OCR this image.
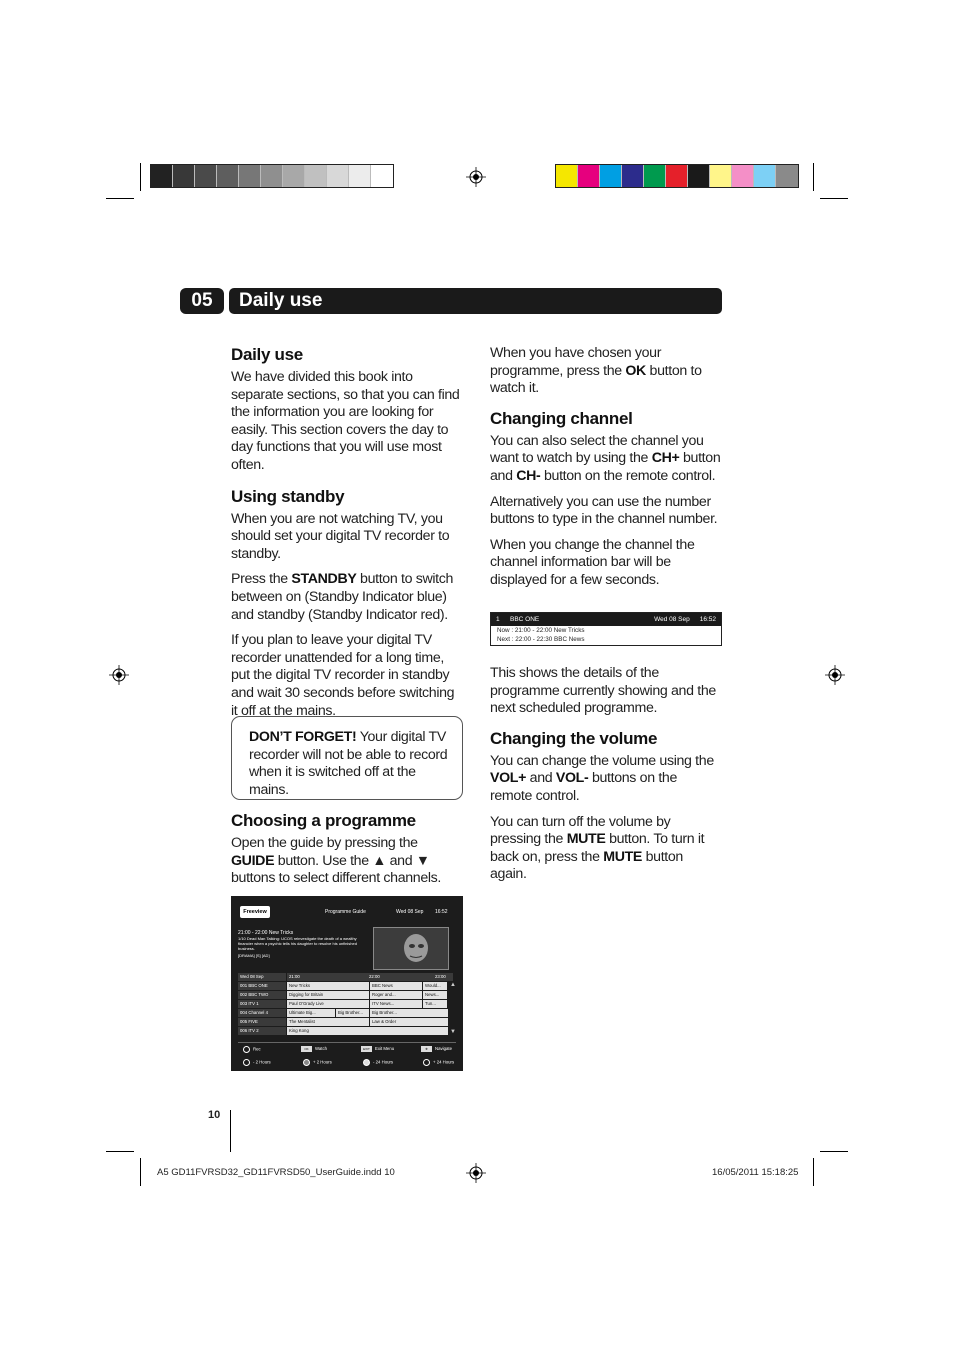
05	Daily use
Daily use

We have divided this book into separate sections, so that you can find the information you are looking for easily. This section covers the day to day functions that you will use most often.

Using standby

When you are not watching TV, you should set your digital TV recorder to standby.

Press the STANDBY button to switch between on (Standby Indicator blue) and standby (Standby Indicator red).

If you plan to leave your digital TV recorder unattended for a long time, put the digital TV recorder in standby and wait 30 seconds before switching it off at the mains.

DON’T FORGET! Your digital TV recorder will not be able to record when it is switched off at the mains.

Choosing a programme

Open the guide by pressing the GUIDE button. Use the ▲ and ▼ buttons to select different channels.

Freeview	Programme Guide	Wed 08 Sep 16:52
21:00 - 22:00 New Tricks
1/10 Dead Man Talking: UCOS reinvestigate the death of a wealthy financier when a psychic tells his daughter to resolve his unfinished business.
[DRAMA] [S] [AD]
Wed 08 Sep	21:00	22:00	23:00
001 BBC ONE	New Tricks	BBC News	Would...
002 BBC TWO	Digging for Britain	Roger and...	News...
003 ITV 1	Paul O'Grady Live	ITV News...	Tun...
004 Channel 4	Ultimate Big...	Big Brother...	Big Brother...
005 FIVE	The Mentalist	Law & Order
006 ITV 2	King Kong
▲
▼
Rec	OK Watch	EXIT Exit Menu	✥ Navigate
- 2 Hours	+ 2 Hours	- 24 Hours	+ 24 Hours
10

When you have chosen your programme, press the OK button to watch it.

Changing channel

You can also select the channel you want to watch by using the CH+ button and CH- button on the remote control.

Alternatively you can use the number buttons to type in the channel number.

When you change the channel the channel information bar will be displayed for a few seconds.

1	BBC ONE	Wed 08 Sep 16:52
Now : 21:00 - 22:00 New Tricks
Next : 22:00 - 22:30 BBC News

This shows the details of the programme currently showing and the next scheduled programme.

Changing the volume

You can change the volume using the VOL+ and VOL- buttons on the remote control.

You can turn off the volume by pressing the MUTE button. To turn it back on, press the MUTE button again.

A5 GD11FVRSD32_GD11FVRSD50_UserGuide.indd 10	16/05/2011 15:18:25
